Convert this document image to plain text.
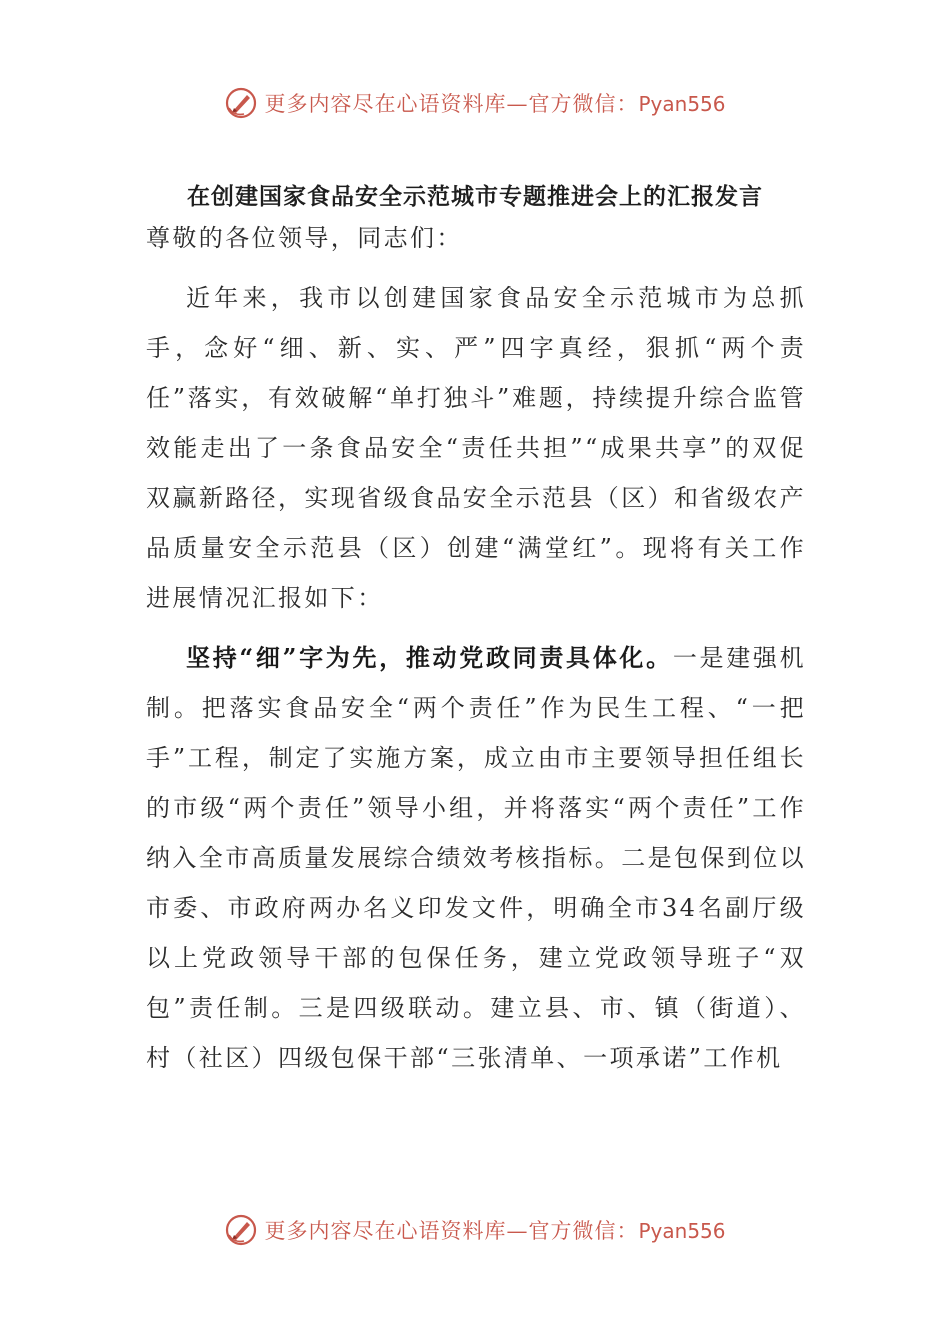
更多内容尽在心语资料库—官方微信：Pyan556
在创建国家食品安全示范城市专题推进会上的汇报发言

尊敬的各位领导，同志们：

近年来，我市以创建国家食品安全示范城市为总抓手，念好“细、新、实、严”四字真经，狠抓“两个责任”落实，有效破解“单打独斗”难题，持续提升综合监管效能走出了一条食品安全“责任共担”“成果共享”的双促双赢新路径，实现省级食品安全示范县（区）和省级农产品质量安全示范县（区）创建“满堂红”。现将有关工作进展情况汇报如下：

坚持“细”字为先，推动党政同责具体化。一是建强机制。把落实食品安全“两个责任”作为民生工程、“一把手”工程，制定了实施方案，成立由市主要领导担任组长的市级“两个责任”领导小组，并将落实“两个责任”工作纳入全市高质量发展综合绩效考核指标。二是包保到位以市委、市政府两办名义印发文件，明确全市34名副厅级以上党政领导干部的包保任务，建立党政领导班子“双包”责任制。三是四级联动。建立县、市、镇（街道）、村（社区）四级包保干部“三张清单、一项承诺”工作机

更多内容尽在心语资料库—官方微信：Pyan556
